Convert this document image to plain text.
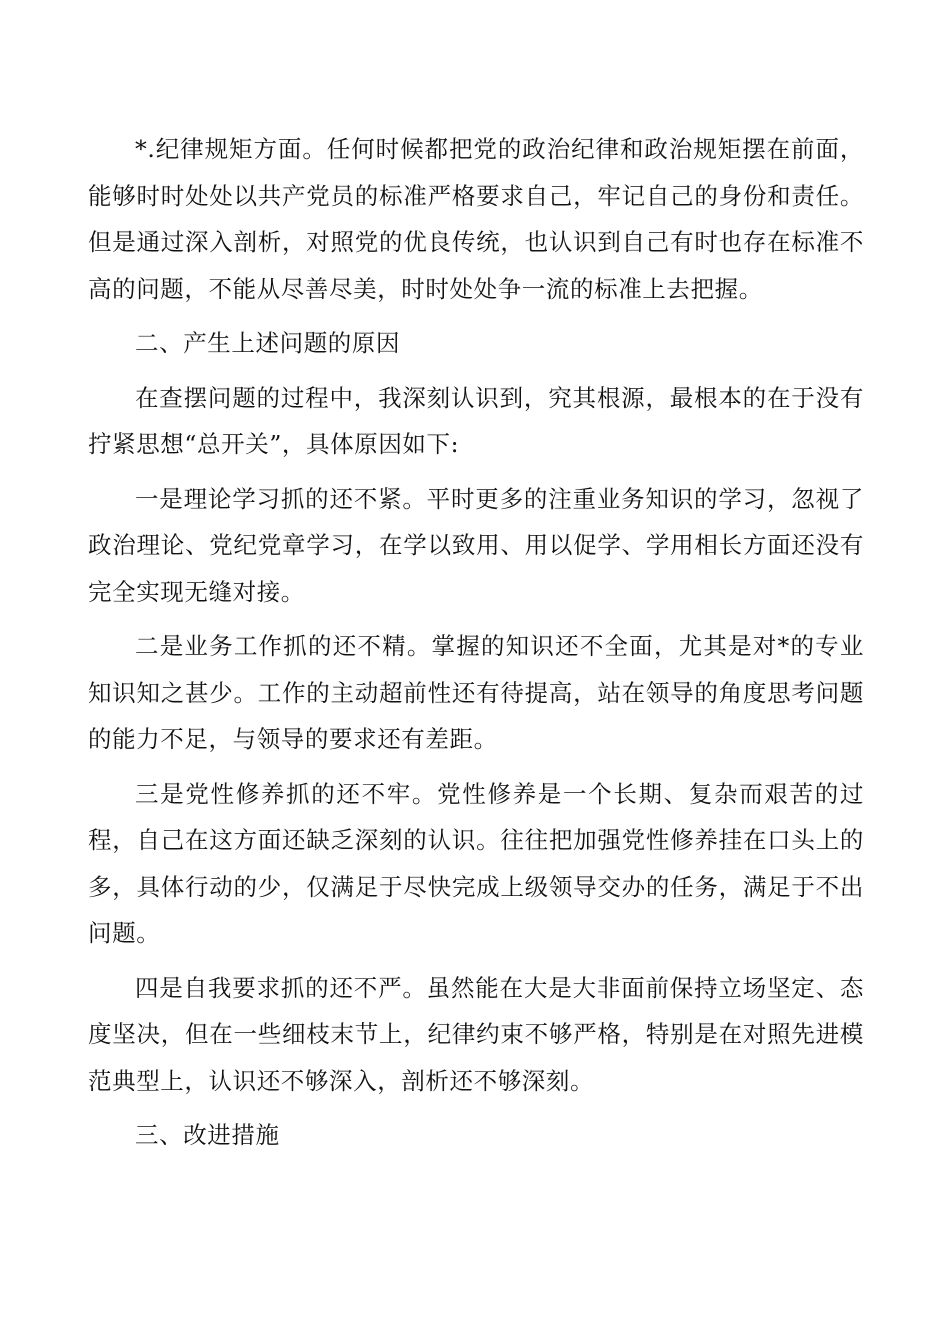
*.纪律规矩方面。任何时候都把党的政治纪律和政治规矩摆在前面，能够时时处处以共产党员的标准严格要求自己，牢记自己的身份和责任。但是通过深入剖析，对照党的优良传统，也认识到自己有时也存在标准不高的问题，不能从尽善尽美，时时处处争一流的标准上去把握。

二、产生上述问题的原因

在查摆问题的过程中，我深刻认识到，究其根源，最根本的在于没有拧紧思想“总开关”，具体原因如下:

一是理论学习抓的还不紧。平时更多的注重业务知识的学习，忽视了政治理论、党纪党章学习，在学以致用、用以促学、学用相长方面还没有完全实现无缝对接。

二是业务工作抓的还不精。掌握的知识还不全面，尤其是对*的专业知识知之甚少。工作的主动超前性还有待提高，站在领导的角度思考问题的能力不足，与领导的要求还有差距。

三是党性修养抓的还不牢。党性修养是一个长期、复杂而艰苦的过程，自己在这方面还缺乏深刻的认识。往往把加强党性修养挂在口头上的多，具体行动的少，仅满足于尽快完成上级领导交办的任务，满足于不出问题。

四是自我要求抓的还不严。虽然能在大是大非面前保持立场坚定、态度坚决，但在一些细枝末节上，纪律约束不够严格，特别是在对照先进模范典型上，认识还不够深入，剖析还不够深刻。

三、改进措施
